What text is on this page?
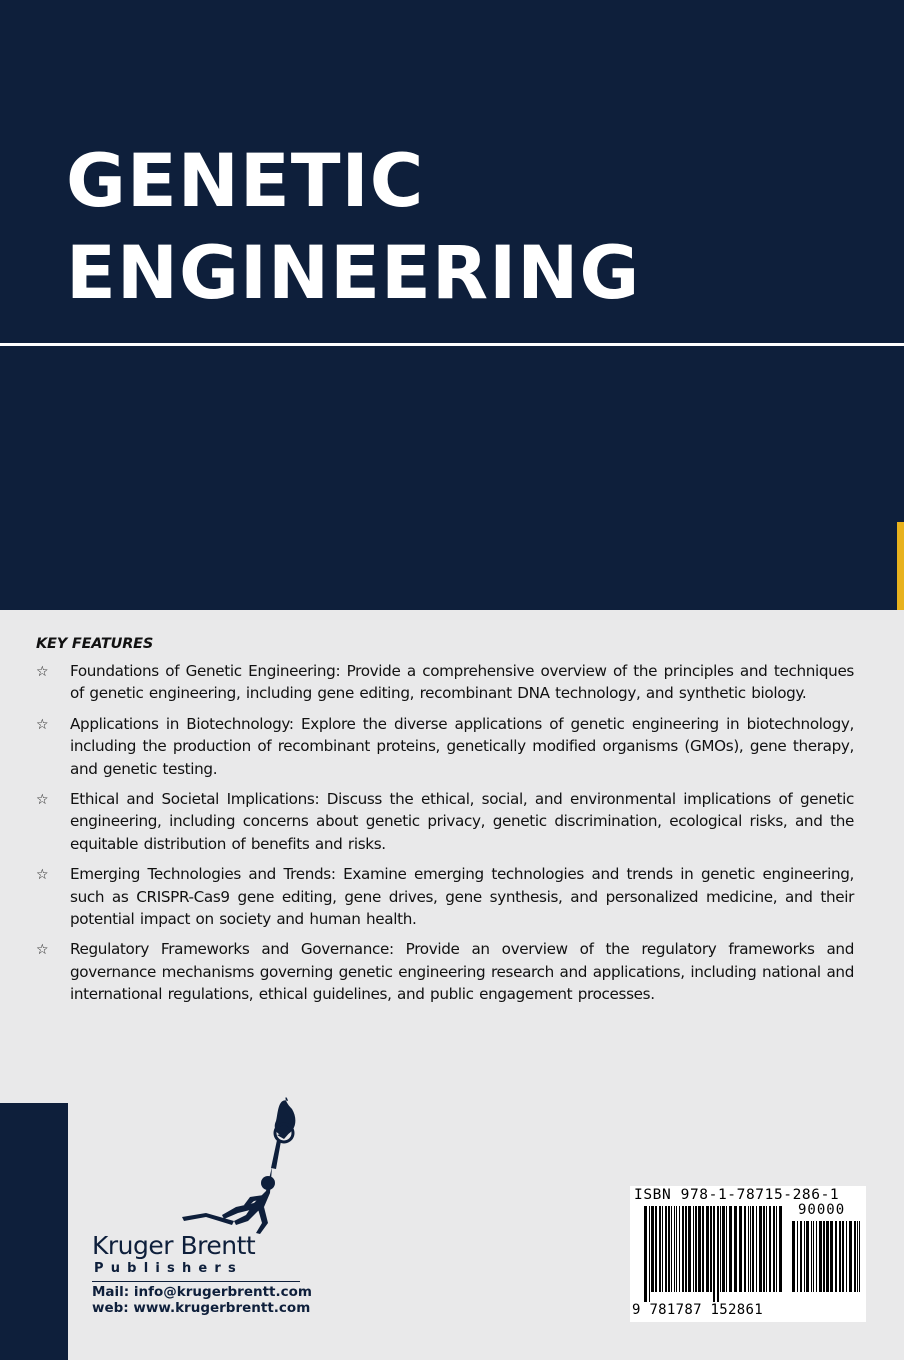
GENETIC
ENGINEERING

KEY FEATURES

☆ Foundations of Genetic Engineering: Provide a comprehensive overview of the principles and techniques of genetic engineering, including gene editing, recombinant DNA technology, and synthetic biology.
☆ Applications in Biotechnology: Explore the diverse applications of genetic engineering in biotechnology, including the production of recombinant proteins, genetically modified organisms (GMOs), gene therapy, and genetic testing.
☆ Ethical and Societal Implications: Discuss the ethical, social, and environmental implications of genetic engineering, including concerns about genetic privacy, genetic discrimination, ecological risks, and the equitable distribution of benefits and risks.
☆ Emerging Technologies and Trends: Examine emerging technologies and trends in genetic engineering, such as CRISPR-Cas9 gene editing, gene drives, gene synthesis, and personalized medicine, and their potential impact on society and human health.
☆ Regulatory Frameworks and Governance: Provide an overview of the regulatory frameworks and governance mechanisms governing genetic engineering research and applications, including national and international regulations, ethical guidelines, and public engagement processes.
Kruger Brentt
Publishers
Mail: info@krugerbrentt.com
web: www.krugerbrentt.com
ISBN 978-1-78715-286-1
90000
9 781787 152861
